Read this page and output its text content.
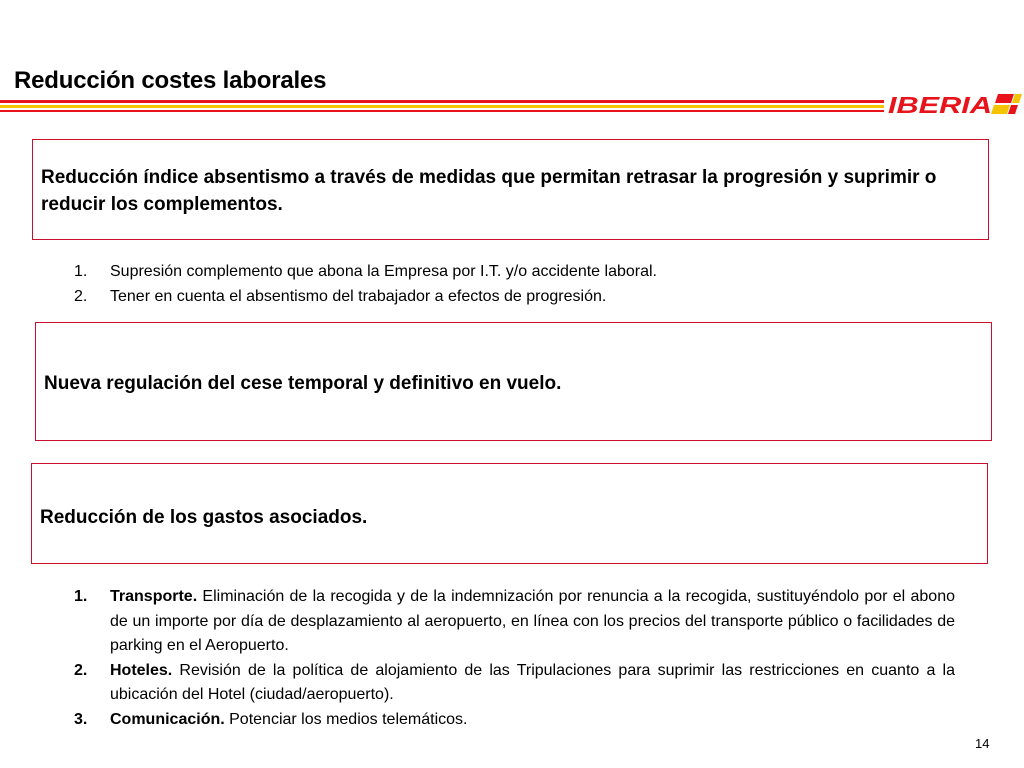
Reducción costes laborales
IBERIA
Reducción índice absentismo a través de medidas que permitan retrasar la progresión y suprimir o reducir los complementos.
1. Supresión complemento que abona la Empresa por I.T. y/o accidente laboral.
2. Tener en cuenta el absentismo del trabajador a efectos de progresión.
Nueva regulación del cese temporal y definitivo en vuelo.
Reducción de los gastos asociados.
1. Transporte. Eliminación de la recogida y de la indemnización por renuncia a la recogida, sustituyéndolo por el abono de un importe por día de desplazamiento al aeropuerto, en línea con los precios del transporte público o facilidades de parking en el Aeropuerto.
2. Hoteles. Revisión de la política de alojamiento de las Tripulaciones para suprimir las restricciones en cuanto a la ubicación del Hotel (ciudad/aeropuerto).
3. Comunicación. Potenciar los medios telemáticos.
14
